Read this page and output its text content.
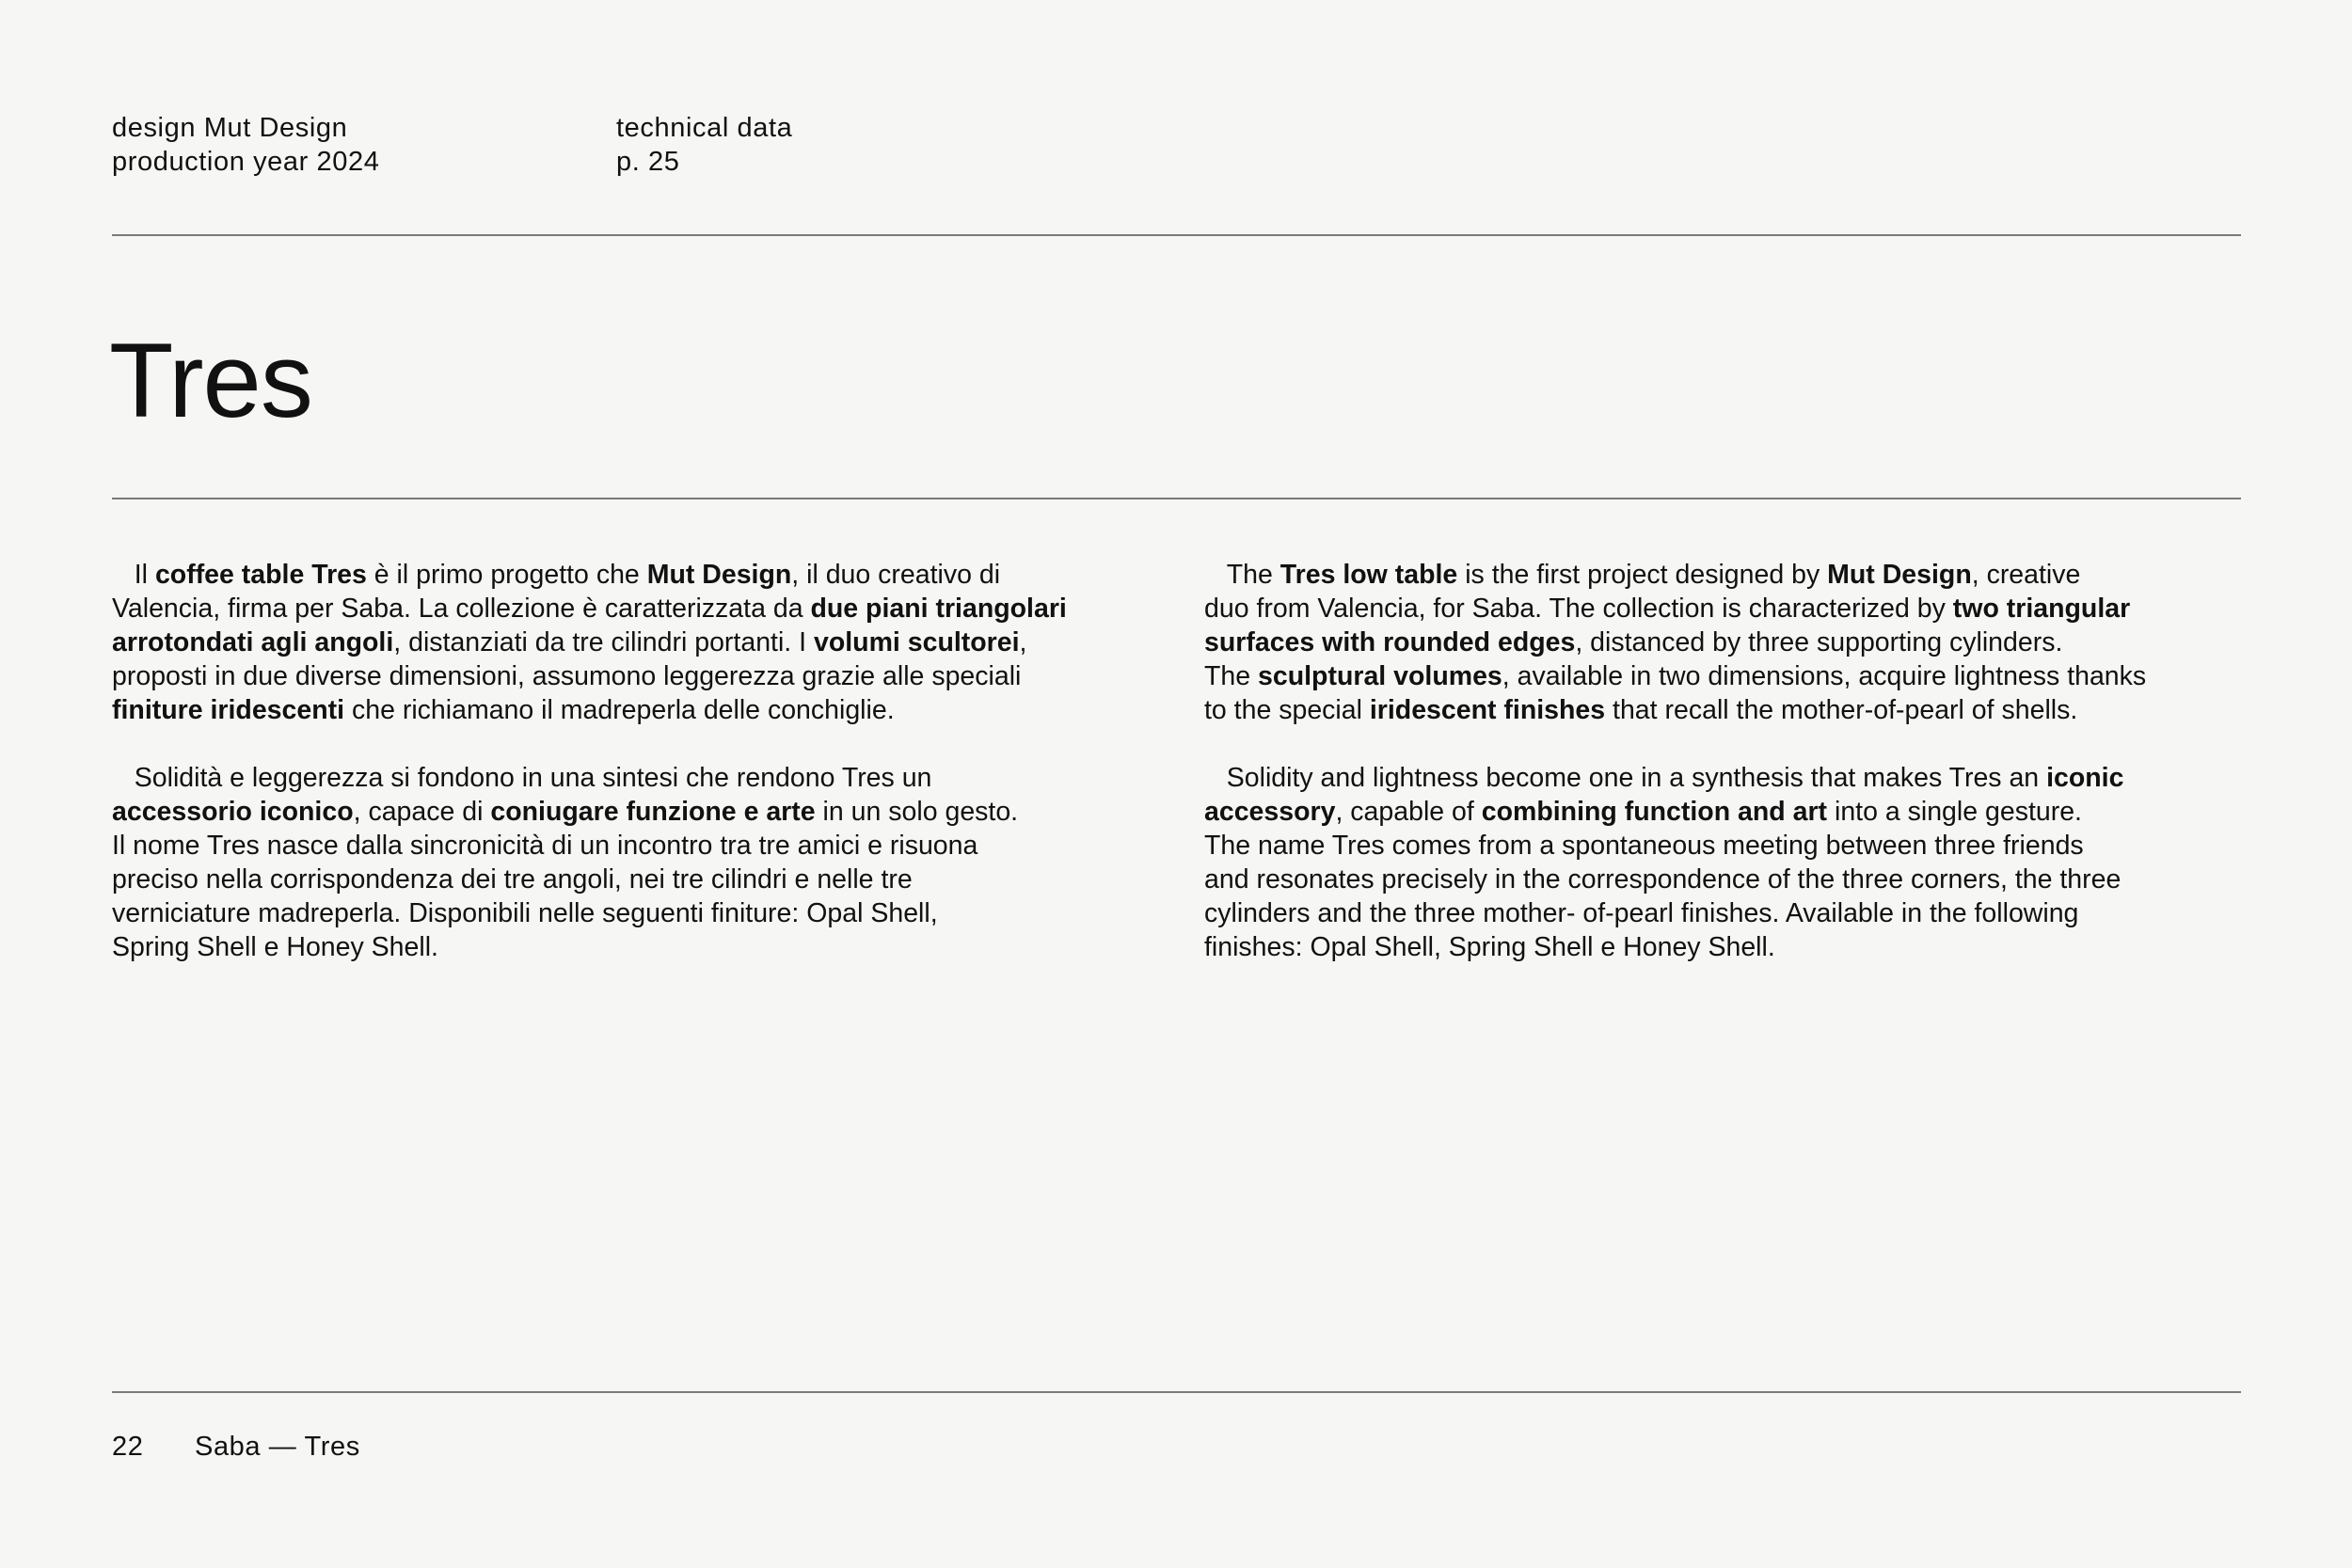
design Mut Design
production year 2024
technical data
p. 25
Tres

Il coffee table Tres è il primo progetto che Mut Design, il duo creativo di
Valencia, firma per Saba. La collezione è caratterizzata da due piani triangolari
arrotondati agli angoli, distanziati da tre cilindri portanti. I volumi scultorei,
proposti in due diverse dimensioni, assumono leggerezza grazie alle speciali
finiture iridescenti che richiamano il madreperla delle conchiglie.

Solidità e leggerezza si fondono in una sintesi che rendono Tres un
accessorio iconico, capace di coniugare funzione e arte in un solo gesto.
Il nome Tres nasce dalla sincronicità di un incontro tra tre amici e risuona
preciso nella corrispondenza dei tre angoli, nei tre cilindri e nelle tre
verniciature madreperla. Disponibili nelle seguenti finiture: Opal Shell,
Spring Shell e Honey Shell.

The Tres low table is the first project designed by Mut Design, creative
duo from Valencia, for Saba. The collection is characterized by two triangular
surfaces with rounded edges, distanced by three supporting cylinders.
The sculptural volumes, available in two dimensions, acquire lightness thanks
to the special iridescent finishes that recall the mother-of-pearl of shells.

Solidity and lightness become one in a synthesis that makes Tres an iconic
accessory, capable of combining function and art into a single gesture.
The name Tres comes from a spontaneous meeting between three friends
and resonates precisely in the correspondence of the three corners, the three
cylinders and the three mother- of-pearl finishes. Available in the following
finishes: Opal Shell, Spring Shell e Honey Shell.

22 Saba — Tres
